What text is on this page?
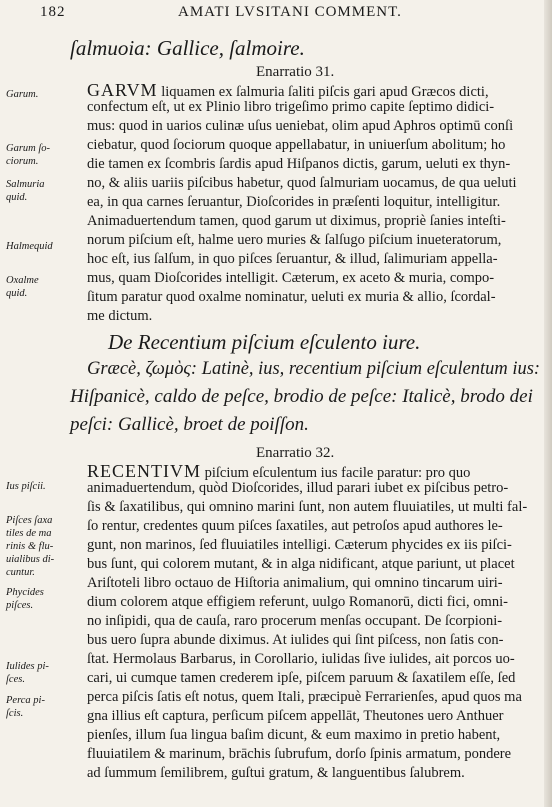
182	AMATI LVSITANI COMMENT.
ſalmuoia: Gallice, ſalmoire.
Enarratio 31.
GARVM liquamen ex ſalmuria ſaliti piſcis gari apud Græcos dicti,
confectum eſt, ut ex Plinio libro trigeſimo primo capite ſeptimo didici-
mus: quod in uarios culinæ uſus ueniebat, olim apud Aphros optimū conſi
ciebatur, quod ſociorum quoque appellabatur, in uniuerſum abolitum; ho
die tamen ex ſcombris ſardis apud Hiſpanos dictis, garum, ueluti ex thyn-
no, & aliis uariis piſcibus habetur, quod ſalmuriam uocamus, de qua ueluti
ea, in qua carnes ſeruantur, Dioſcorides in præſenti loquitur, intelligitur.
Animaduertendum tamen, quod garum ut diximus, propriè ſanies inteſti-
norum piſcium eſt, halme uero muries & ſalſugo piſcium inueteratorum,
hoc eſt, ius ſalſum, in quo piſces ſeruantur, & illud, ſalimuriam appella-
mus, quam Dioſcorides intelligit. Cæterum, ex aceto & muria, compo-
ſitum paratur quod oxalme nominatur, ueluti ex muria & allio, ſcordal-
me dictum.
De Recentium piſcium eſculento iure.
Græcè, ζωμὸς: Latinè, ius, recentium piſcium eſculentum ius:
Hiſpanicè, caldo de peſce, brodio de peſce: Italicè, brodo dei
peſci: Gallicè, broet de poiſſon.
Enarratio 32.
RECENTIVM piſcium eſculentum ius facile paratur: pro quo
animaduertendum, quòd Dioſcorides, illud parari iubet ex piſcibus petro-
ſis & ſaxatilibus, qui omnino marini ſunt, non autem fluuiatiles, ut multi fal-
ſo rentur, credentes quum piſces ſaxatiles, aut petroſos apud authores le-
gunt, non marinos, ſed fluuiatiles intelligi. Cæterum phycides ex iis piſci-
bus ſunt, qui colorem mutant, & in alga nidificant, atque pariunt, ut placet
Ariſtoteli libro octauo de Hiſtoria animalium, qui omnino tincarum uiri-
dium colorem atque effigiem referunt, uulgo Romanorū, dicti fici, omni-
no inſipidi, qua de cauſa, raro procerum menſas occupant. De ſcorpioni-
bus uero ſupra abunde diximus. At iulides qui ſint piſcess, non ſatis con-
ſtat. Hermolaus Barbarus, in Corollario, iulidas ſive iulides, ait porcos uo-
cari, ui cumque tamen crederem ipſe, piſcem paruum & ſaxatilem eſſe, ſed
perca piſcis ſatis eſt notus, quem Itali, præcipuè Ferrarienſes, apud quos ma
gna illius eſt captura, perſicum piſcem appellāt, Theutones uero Anthuer
pienſes, illum ſua lingua baſim dicunt, & eum maximo in pretio habent,
fluuiatilem & marinum, brāchis ſubrufum, dorſo ſpinis armatum, pondere
ad ſummum ſemilibrem, guſtui gratum, & languentibus ſalubrem.
Garum.
Garum ſo-
ciorum.
Salmuria
quid.
Halmequid
Oxalme
quid.
Ius piſcii.
Piſces ſaxa
tiles de ma
rinis & flu-
uialibus di-
cuntur.
Phycides
piſces.
Iulides pi-
ſces.
Perca pi-
ſcis.
